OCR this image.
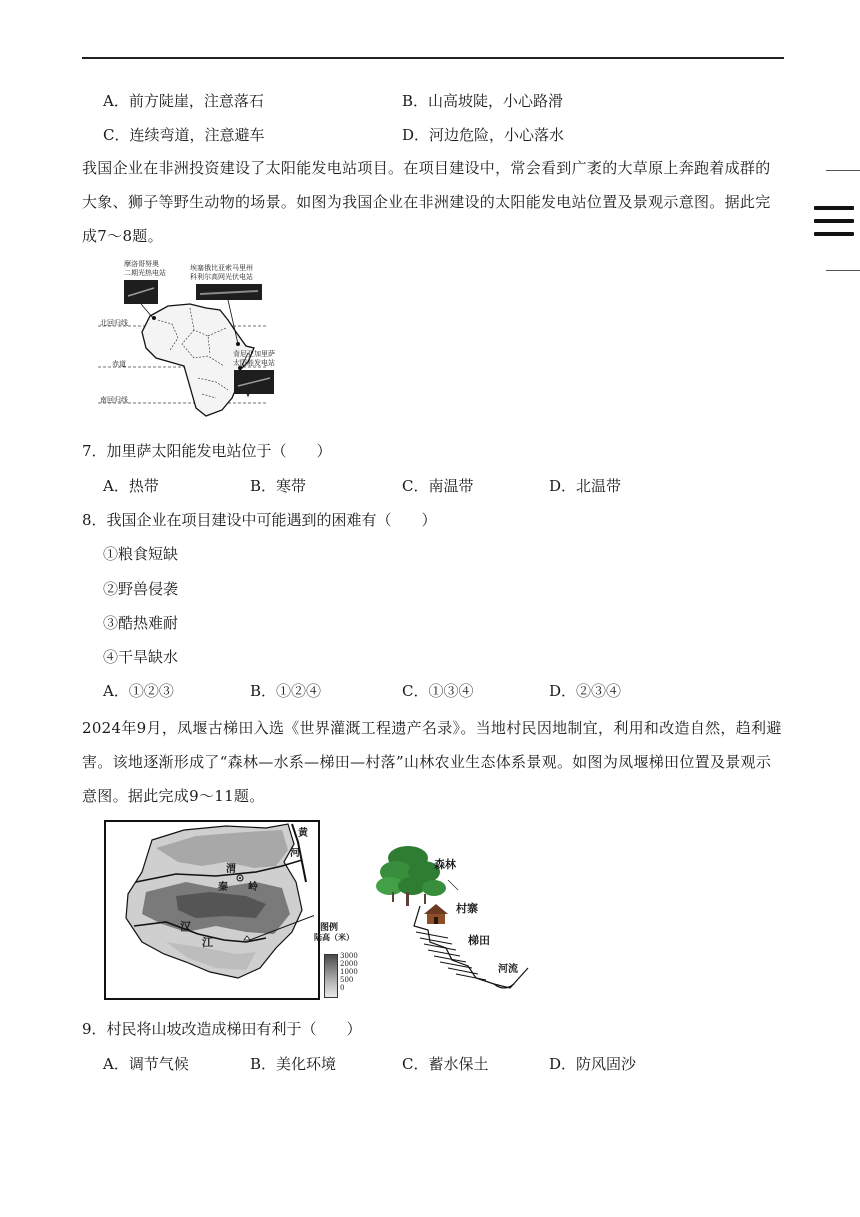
A．前方陡崖，注意落石	B．山高坡陡，小心路滑
C．连续弯道，注意避车	D．河边危险，小心落水
我国企业在非洲投资建设了太阳能发电站项目。在项目建设中，常会看到广袤的大草原上奔跑着成群的大象、狮子等野生动物的场景。如图为我国企业在非洲建设的太阳能发电站位置及景观示意图。据此完成7～8题。
摩洛哥努奥
二期光热电站
埃塞俄比亚索马里州
科利尔高网光伏电站
肯尼亚加里萨
太阳能发电站
北回归线
赤道
南回归线
7．加里萨太阳能发电站位于（　　）
A．热带	B．寒带	C．南温带	D．北温带
8．我国企业在项目建设中可能遇到的困难有（　　）
①粮食短缺
②野兽侵袭
③酷热难耐
④干旱缺水
A．①②③	B．①②④	C．①③④	D．②③④
2024年9月，凤堰古梯田入选《世界灌溉工程遗产名录》。当地村民因地制宜，利用和改造自然，趋利避害。该地逐渐形成了“森林—水系—梯田—村落”山林农业生态体系景观。如图为凤堰梯田位置及景观示意图。据此完成9～11题。
黄
河
渭
秦 岭
汉
江
图例
陆高（米）
3000
2000
1000
500
0
森林
村寨
梯田
河流
9．村民将山坡改造成梯田有利于（　　）
A．调节气候	B．美化环境	C．蓄水保土	D．防风固沙
